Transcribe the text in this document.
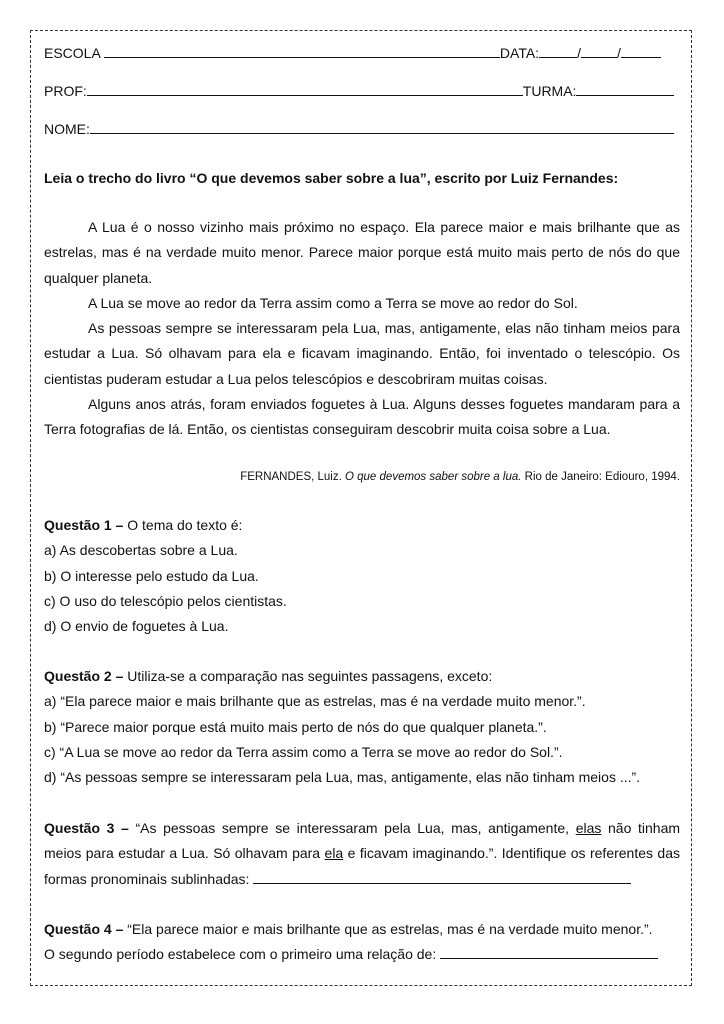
ESCOLA	DATA:	/	/
PROF:	TURMA:
NOME:
Leia o trecho do livro “O que devemos saber sobre a lua”, escrito por Luiz Fernandes:

A Lua é o nosso vizinho mais próximo no espaço. Ela parece maior e mais brilhante que as estrelas, mas é na verdade muito menor. Parece maior porque está muito mais perto de nós do que qualquer planeta.

A Lua se move ao redor da Terra assim como a Terra se move ao redor do Sol.

As pessoas sempre se interessaram pela Lua, mas, antigamente, elas não tinham meios para estudar a Lua. Só olhavam para ela e ficavam imaginando. Então, foi inventado o telescópio. Os cientistas puderam estudar a Lua pelos telescópios e descobriram muitas coisas.

Alguns anos atrás, foram enviados foguetes à Lua. Alguns desses foguetes mandaram para a Terra fotografias de lá. Então, os cientistas conseguiram descobrir muita coisa sobre a Lua.

FERNANDES, Luiz. O que devemos saber sobre a lua. Rio de Janeiro: Ediouro, 1994.

Questão 1 – O tema do texto é:

a) As descobertas sobre a Lua.

b) O interesse pelo estudo da Lua.

c) O uso do telescópio pelos cientistas.

d) O envio de foguetes à Lua.

Questão 2 – Utiliza-se a comparação nas seguintes passagens, exceto:

a) “Ela parece maior e mais brilhante que as estrelas, mas é na verdade muito menor.”.

b) “Parece maior porque está muito mais perto de nós do que qualquer planeta.”.

c) “A Lua se move ao redor da Terra assim como a Terra se move ao redor do Sol.”.

d) “As pessoas sempre se interessaram pela Lua, mas, antigamente, elas não tinham meios ...”.

Questão 3 – “As pessoas sempre se interessaram pela Lua, mas, antigamente, elas não tinham meios para estudar a Lua. Só olhavam para ela e ficavam imaginando.”. Identifique os referentes das formas pronominais sublinhadas:

Questão 4 – “Ela parece maior e mais brilhante que as estrelas, mas é na verdade muito menor.”.

O segundo período estabelece com o primeiro uma relação de:
